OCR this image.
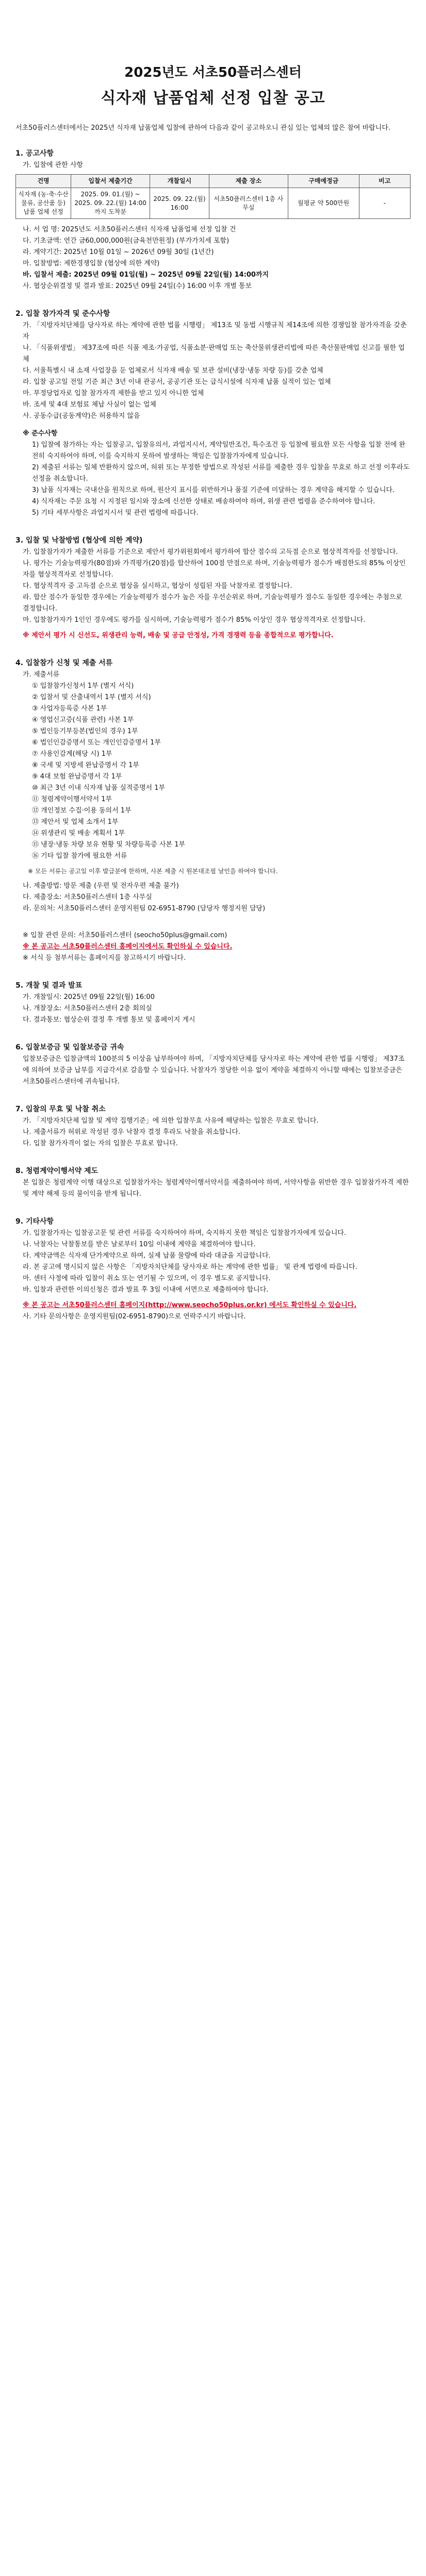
2025년도 서초50플러스센터
식자재 납품업체 선정 입찰 공고

서초50플러스센터에서는 2025년 식자재 납품업체 입찰에 관하여 다음과 같이 공고하오니 관심 있는 업체의 많은 참여 바랍니다.

1. 공고사항
가. 입찰에 관한 사항
건명	입찰서 제출기간	개찰일시	제출 장소	구매예정금	비고
식자재 (농·축·수산물류, 공산품 등) 납품 업체 선정	2025. 09. 01.(월) ~ 2025. 09. 22.(월) 14:00까지 도착분	2025. 09. 22.(월) 16:00	서초50플러스센터 1층 사무실	월평균 약 500만원	-
나. 서 업 명: 2025년도 서초50플러스센터 식자재 납품업체 선정 입찰 건
다. 기초금액: 연간 금60,000,000원(금육천만원정) (부가가치세 포함)
라. 계약기간: 2025년 10월 01일 ~ 2026년 09월 30일 (1년간)
마. 입찰방법: 제한경쟁입찰 (협상에 의한 계약)
바. 입찰서 제출: 2025년 09월 01일(월) ~ 2025년 09월 22일(월) 14:00까지
사. 협상순위결정 및 결과 발표: 2025년 09월 24일(수) 16:00 이후 개별 통보
2. 입찰 참가자격 및 준수사항
가. 「지방자치단체를 당사자로 하는 계약에 관한 법률 시행령」 제13조 및 동법 시행규칙 제14조에 의한 경쟁입찰 참가자격을 갖춘 자
나. 「식품위생법」 제37조에 따른 식품 제조·가공업, 식품소분·판매업 또는 축산물위생관리법에 따른 축산물판매업 신고를 필한 업체
다. 서울특별시 내 소재 사업장을 둔 업체로서 식자재 배송 및 보관 설비(냉장·냉동 차량 등)를 갖춘 업체
라. 입찰 공고일 전일 기준 최근 3년 이내 관공서, 공공기관 또는 급식시설에 식자재 납품 실적이 있는 업체
마. 부정당업자로 입찰 참가자격 제한을 받고 있지 아니한 업체
바. 조세 및 4대 보험료 체납 사실이 없는 업체
사. 공동수급(공동계약)은 허용하지 않음
※ 준수사항
1) 입찰에 참가하는 자는 입찰공고, 입찰유의서, 과업지시서, 계약일반조건, 특수조건 등 입찰에 필요한 모든 사항을 입찰 전에 완전히 숙지하여야 하며, 이를 숙지하지 못하여 발생하는 책임은 입찰참가자에게 있습니다.
2) 제출된 서류는 일체 반환하지 않으며, 허위 또는 부정한 방법으로 작성된 서류를 제출한 경우 입찰을 무효로 하고 선정 이후라도 선정을 취소합니다.
3) 납품 식자재는 국내산을 원칙으로 하며, 원산지 표시를 위반하거나 품질 기준에 미달하는 경우 계약을 해지할 수 있습니다.
4) 식자재는 주문 요청 시 지정된 일시와 장소에 신선한 상태로 배송하여야 하며, 위생 관련 법령을 준수하여야 합니다.
5) 기타 세부사항은 과업지시서 및 관련 법령에 따릅니다.
3. 입찰 및 낙찰방법 (협상에 의한 계약)
가. 입찰참가자가 제출한 서류를 기준으로 제안서 평가위원회에서 평가하여 합산 점수의 고득점 순으로 협상적격자를 선정합니다.
나. 평가는 기술능력평가(80점)와 가격평가(20점)를 합산하여 100점 만점으로 하며, 기술능력평가 점수가 배점한도의 85% 이상인 자를 협상적격자로 선정합니다.
다. 협상적격자 중 고득점 순으로 협상을 실시하고, 협상이 성립된 자를 낙찰자로 결정합니다.
라. 합산 점수가 동일한 경우에는 기술능력평가 점수가 높은 자를 우선순위로 하며, 기술능력평가 점수도 동일한 경우에는 추첨으로 결정합니다.
마. 입찰참가자가 1인인 경우에도 평가를 실시하며, 기술능력평가 점수가 85% 이상인 경우 협상적격자로 선정합니다.
※ 제안서 평가 시 신선도, 위생관리 능력, 배송 및 공급 안정성, 가격 경쟁력 등을 종합적으로 평가합니다.
4. 입찰참가 신청 및 제출 서류
가. 제출서류
① 입찰참가신청서 1부 (별지 서식)
② 입찰서 및 산출내역서 1부 (별지 서식)
③ 사업자등록증 사본 1부
④ 영업신고증(식품 관련) 사본 1부
⑤ 법인등기부등본(법인의 경우) 1부
⑥ 법인인감증명서 또는 개인인감증명서 1부
⑦ 사용인감계(해당 시) 1부
⑧ 국세 및 지방세 완납증명서 각 1부
⑨ 4대 보험 완납증명서 각 1부
⑩ 최근 3년 이내 식자재 납품 실적증명서 1부
⑪ 청렴계약이행서약서 1부
⑫ 개인정보 수집·이용 동의서 1부
⑬ 제안서 및 업체 소개서 1부
⑭ 위생관리 및 배송 계획서 1부
⑮ 냉장·냉동 차량 보유 현황 및 차량등록증 사본 1부
⑯ 기타 입찰 참가에 필요한 서류
※ 모든 서류는 공고일 이후 발급분에 한하며, 사본 제출 시 원본대조필 날인을 하여야 합니다.
나. 제출방법: 방문 제출 (우편 및 전자우편 제출 불가)
다. 제출장소: 서초50플러스센터 1층 사무실
라. 문의처: 서초50플러스센터 운영지원팀 02-6951-8790 (담당자 행정지원 담당)
※ 입찰 관련 문의: 서초50플러스센터 (seocho50plus@gmail.com)
※ 본 공고는 서초50플러스센터 홈페이지에서도 확인하실 수 있습니다.
※ 서식 등 첨부서류는 홈페이지를 참고하시기 바랍니다.
5. 개찰 및 결과 발표
가. 개찰일시: 2025년 09월 22일(월) 16:00
나. 개찰장소: 서초50플러스센터 2층 회의실
다. 결과통보: 협상순위 결정 후 개별 통보 및 홈페이지 게시
6. 입찰보증금 및 입찰보증금 귀속
입찰보증금은 입찰금액의 100분의 5 이상을 납부하여야 하며, 「지방자치단체를 당사자로 하는 계약에 관한 법률 시행령」 제37조에 의하여 보증금 납부를 지급각서로 갈음할 수 있습니다. 낙찰자가 정당한 이유 없이 계약을 체결하지 아니할 때에는 입찰보증금은 서초50플러스센터에 귀속됩니다.
7. 입찰의 무효 및 낙찰 취소
가. 「지방자치단체 입찰 및 계약 집행기준」에 의한 입찰무효 사유에 해당하는 입찰은 무효로 합니다.
나. 제출서류가 허위로 작성된 경우 낙찰자 결정 후라도 낙찰을 취소합니다.
다. 입찰 참가자격이 없는 자의 입찰은 무효로 합니다.
8. 청렴계약이행서약 제도
본 입찰은 청렴계약 이행 대상으로 입찰참가자는 청렴계약이행서약서를 제출하여야 하며, 서약사항을 위반한 경우 입찰참가자격 제한 및 계약 해제 등의 불이익을 받게 됩니다.
9. 기타사항
가. 입찰참가자는 입찰공고문 및 관련 서류를 숙지하여야 하며, 숙지하지 못한 책임은 입찰참가자에게 있습니다.
나. 낙찰자는 낙찰통보를 받은 날로부터 10일 이내에 계약을 체결하여야 합니다.
다. 계약금액은 식자재 단가계약으로 하며, 실제 납품 물량에 따라 대금을 지급합니다.
라. 본 공고에 명시되지 않은 사항은 「지방자치단체를 당사자로 하는 계약에 관한 법률」 및 관계 법령에 따릅니다.
마. 센터 사정에 따라 입찰이 취소 또는 연기될 수 있으며, 이 경우 별도로 공지합니다.
바. 입찰과 관련한 이의신청은 결과 발표 후 3일 이내에 서면으로 제출하여야 합니다.
※ 본 공고는 서초50플러스센터 홈페이지(http://www.seocho50plus.or.kr) 에서도 확인하실 수 있습니다.
사. 기타 문의사항은 운영지원팀(02-6951-8790)으로 연락주시기 바랍니다.
